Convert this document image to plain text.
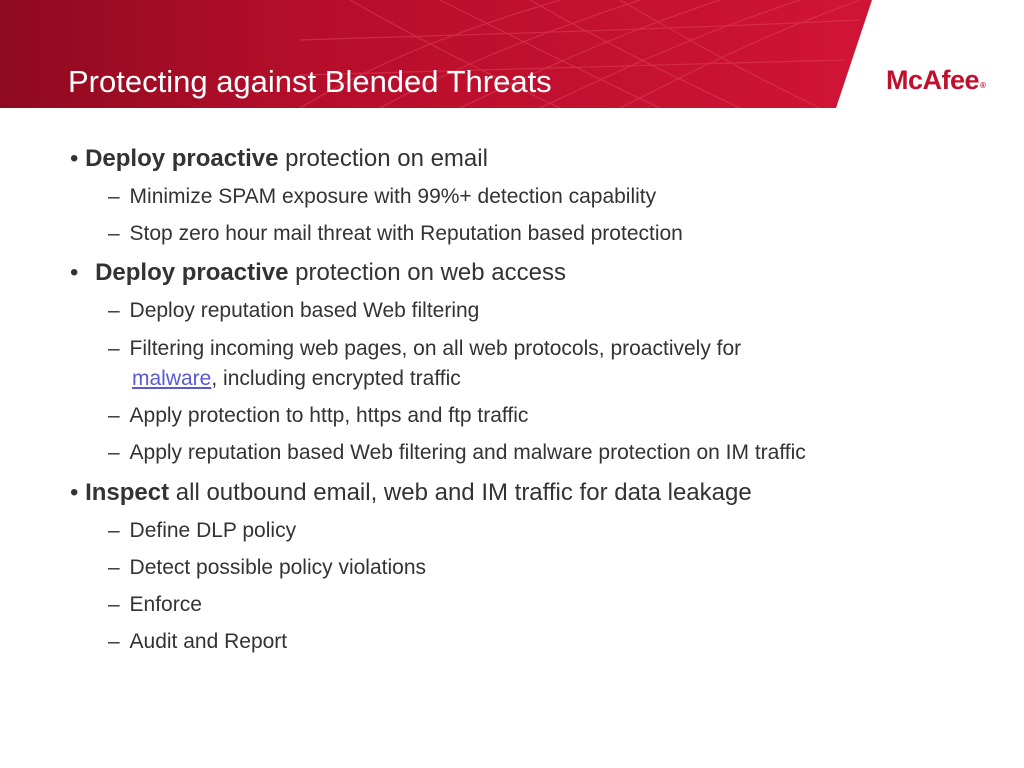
Protecting against Blended Threats	McAfee®
• Deploy proactive protection on email
– Minimize SPAM exposure with 99%+ detection capability
– Stop zero hour mail threat with Reputation based protection
• Deploy proactive protection on web access
– Deploy reputation based Web filtering
– Filtering incoming web pages, on all web protocols, proactively for
malware, including encrypted traffic
– Apply protection to http, https and ftp traffic
– Apply reputation based Web filtering and malware protection on IM traffic
• Inspect all outbound email, web and IM traffic for data leakage
– Define DLP policy
– Detect possible policy violations
– Enforce
– Audit and Report
